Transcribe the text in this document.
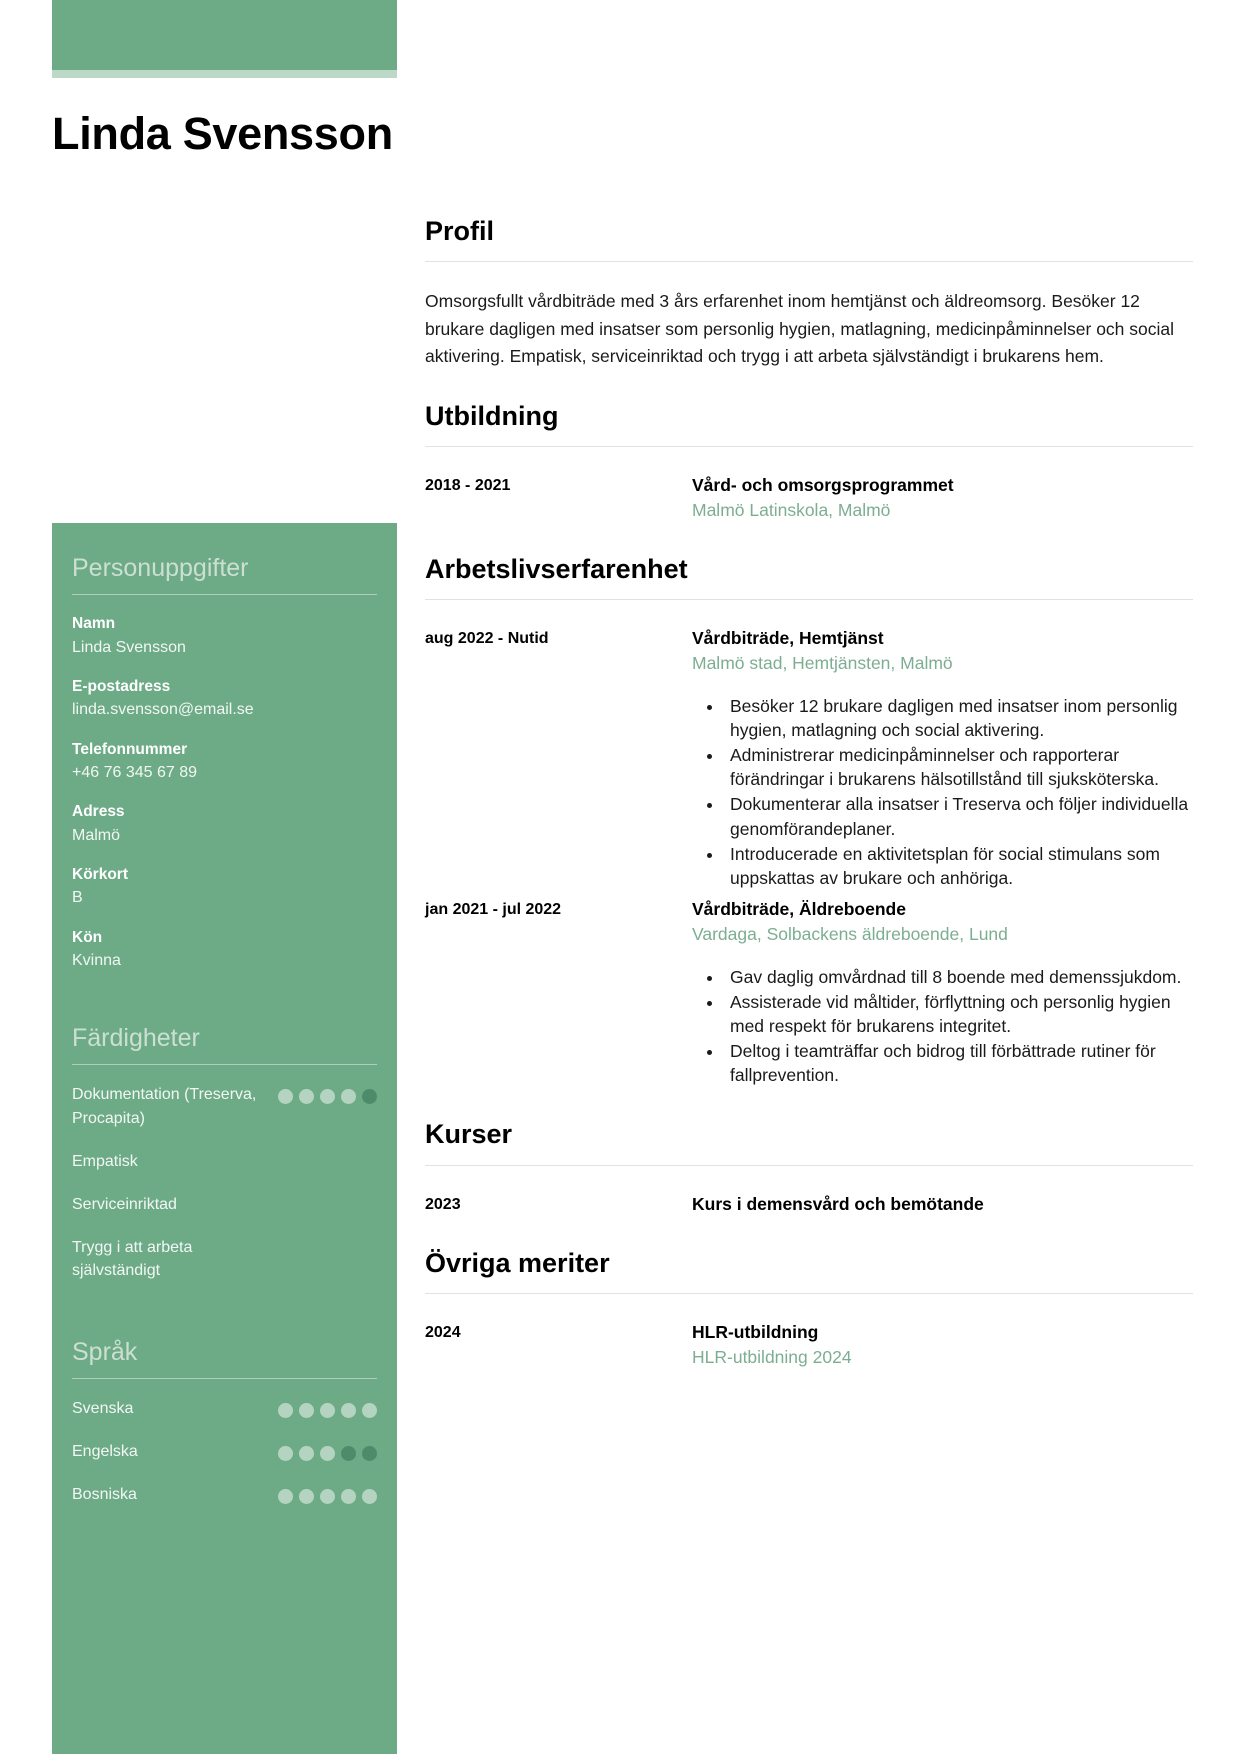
Linda Svensson
Personuppgifter
Namn
Linda Svensson
E-postadress
linda.svensson@email.se
Telefonnummer
+46 76 345 67 89
Adress
Malmö
Körkort
B
Kön
Kvinna
Färdigheter
Dokumentation (Treserva, Procapita)
Empatisk
Serviceinriktad
Trygg i att arbeta självständigt
Språk
Svenska
Engelska
Bosniska
Profil

Omsorgsfullt vårdbiträde med 3 års erfarenhet inom hemtjänst och äldreomsorg. Besöker 12 brukare dagligen med insatser som personlig hygien, matlagning, medicinpåminnelser och social aktivering. Empatisk, serviceinriktad och trygg i att arbeta självständigt i brukarens hem.

Utbildning
2018 - 2021	Vård- och omsorgsprogrammet
Malmö Latinskola, Malmö
Arbetslivserfarenhet
aug 2022 - Nutid	Vårdbiträde, Hemtjänst
Malmö stad, Hemtjänsten, Malmö
• Besöker 12 brukare dagligen med insatser inom personlig hygien, matlagning och social aktivering.
• Administrerar medicinpåminnelser och rapporterar förändringar i brukarens hälsotillstånd till sjuksköterska.
• Dokumenterar alla insatser i Treserva och följer individuella genomförandeplaner.
• Introducerade en aktivitetsplan för social stimulans som uppskattas av brukare och anhöriga.
jan 2021 - jul 2022	Vårdbiträde, Äldreboende
Vardaga, Solbackens äldreboende, Lund
• Gav daglig omvårdnad till 8 boende med demenssjukdom.
• Assisterade vid måltider, förflyttning och personlig hygien med respekt för brukarens integritet.
• Deltog i teamträffar och bidrog till förbättrade rutiner för fallprevention.
Kurser
2023	Kurs i demensvård och bemötande
Övriga meriter
2024	HLR-utbildning
HLR-utbildning 2024
